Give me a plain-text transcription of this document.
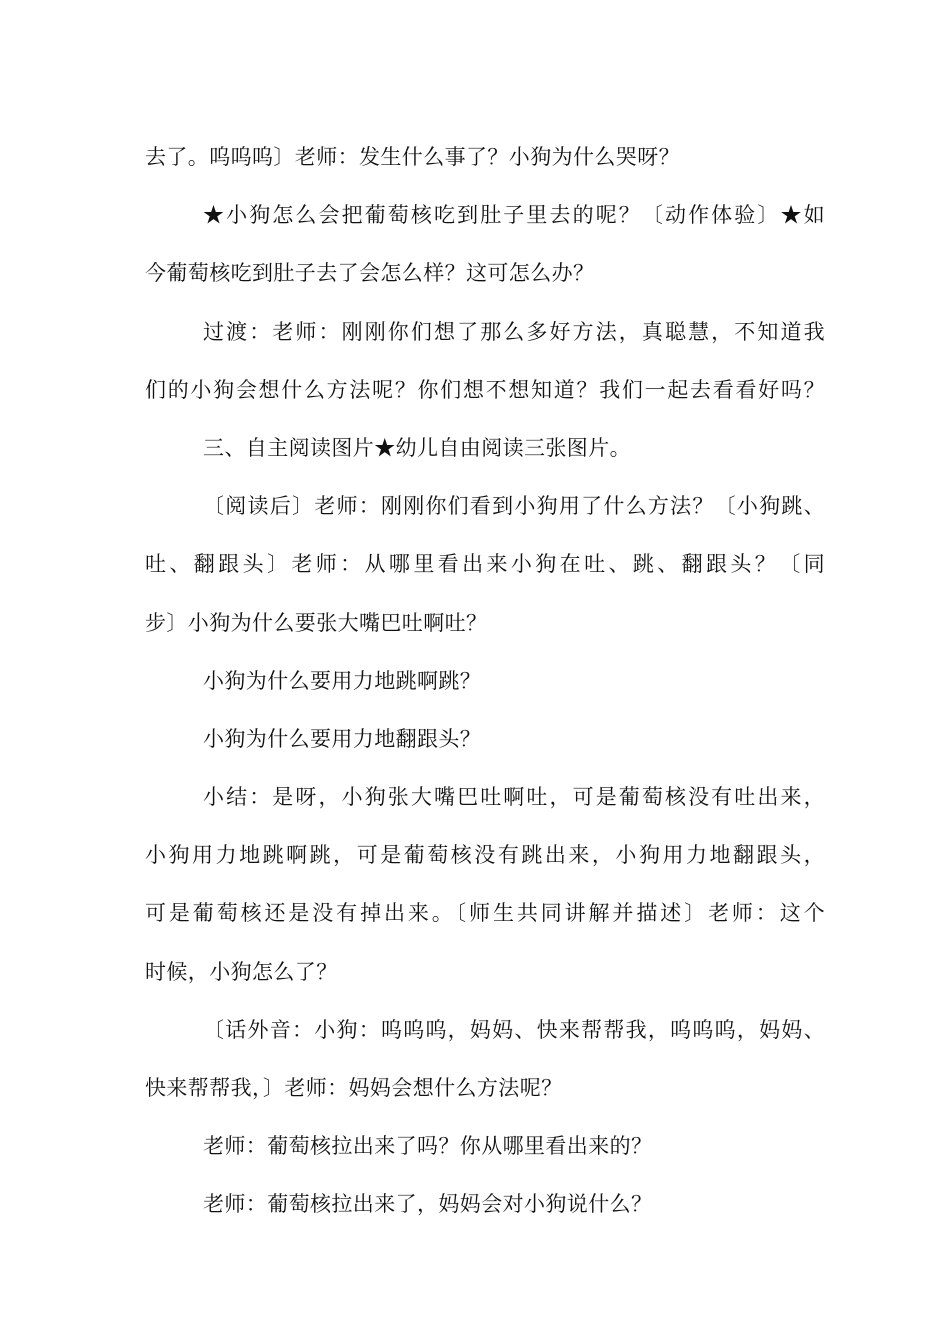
去了。呜呜呜〕老师：发生什么事了？小狗为什么哭呀？
★小狗怎么会把葡萄核吃到肚子里去的呢？〔动作体验〕★如
今葡萄核吃到肚子去了会怎么样？这可怎么办？
过渡：老师：刚刚你们想了那么多好方法，真聪慧，不知道我
们的小狗会想什么方法呢？你们想不想知道？我们一起去看看好吗？
三、自主阅读图片★幼儿自由阅读三张图片。
〔阅读后〕老师：刚刚你们看到小狗用了什么方法？〔小狗跳、
吐、翻跟头〕老师：从哪里看出来小狗在吐、跳、翻跟头？〔同
步〕小狗为什么要张大嘴巴吐啊吐？
小狗为什么要用力地跳啊跳？
小狗为什么要用力地翻跟头？
小结：是呀，小狗张大嘴巴吐啊吐，可是葡萄核没有吐出来，
小狗用力地跳啊跳，可是葡萄核没有跳出来，小狗用力地翻跟头，
可是葡萄核还是没有掉出来。〔师生共同讲解并描述〕老师：这个
时候，小狗怎么了？
〔话外音：小狗：呜呜呜，妈妈、快来帮帮我，呜呜呜，妈妈、
快来帮帮我，〕老师：妈妈会想什么方法呢？
老师：葡萄核拉出来了吗？你从哪里看出来的？
老师：葡萄核拉出来了，妈妈会对小狗说什么？
